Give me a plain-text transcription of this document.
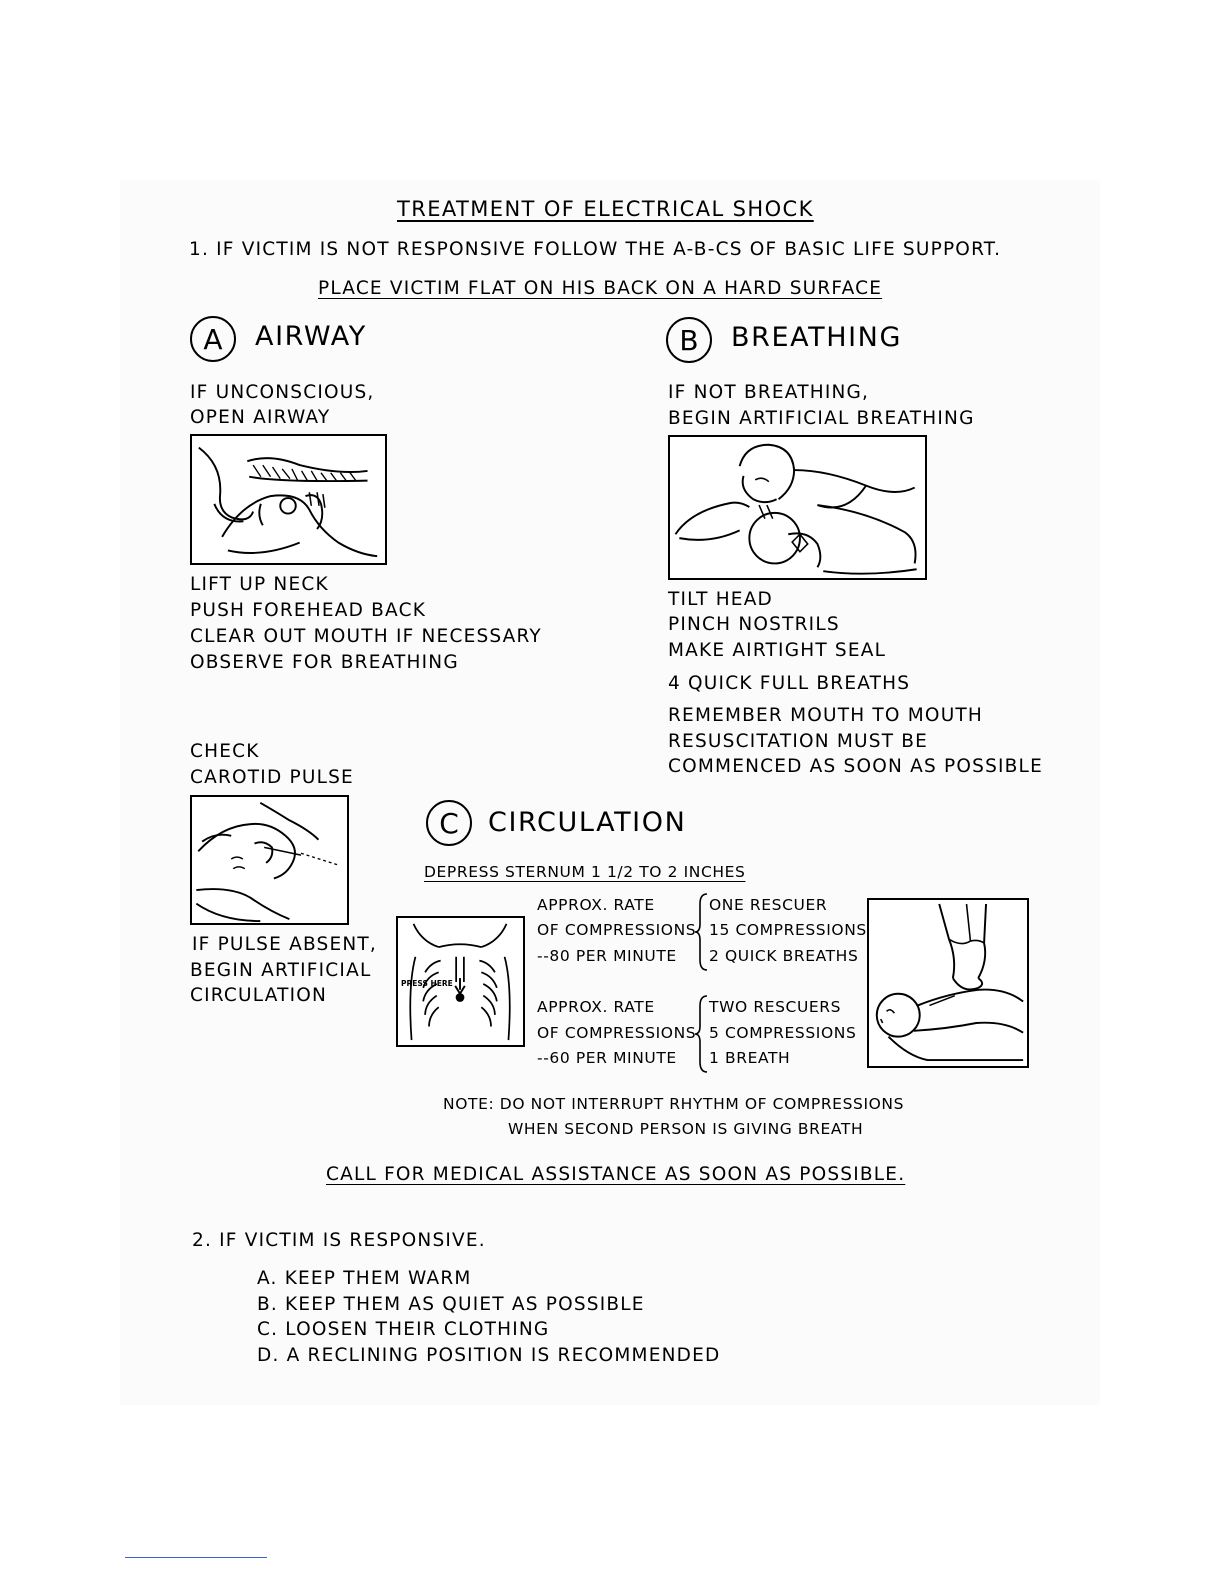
TREATMENT OF ELECTRICAL SHOCK

1. IF VICTIM IS NOT RESPONSIVE FOLLOW THE A-B-CS OF BASIC LIFE SUPPORT.

PLACE VICTIM FLAT ON HIS BACK ON A HARD SURFACE

A AIRWAY

IF UNCONSCIOUS,

OPEN AIRWAY

LIFT UP NECK

PUSH FOREHEAD BACK

CLEAR OUT MOUTH IF NECESSARY

OBSERVE FOR BREATHING

CHECK

CAROTID PULSE

IF PULSE ABSENT,

BEGIN ARTIFICIAL

CIRCULATION

B BREATHING

IF NOT BREATHING,

BEGIN ARTIFICIAL BREATHING

TILT HEAD

PINCH NOSTRILS

MAKE AIRTIGHT SEAL

4 QUICK FULL BREATHS

REMEMBER MOUTH TO MOUTH

RESUSCITATION MUST BE

COMMENCED AS SOON AS POSSIBLE

C CIRCULATION

DEPRESS STERNUM 1 1/2 TO 2 INCHES

PRESS HERE

APPROX. RATE

OF COMPRESSIONS

--80 PER MINUTE

ONE RESCUER

15 COMPRESSIONS

2 QUICK BREATHS

APPROX. RATE

OF COMPRESSIONS

--60 PER MINUTE

TWO RESCUERS

5 COMPRESSIONS

1 BREATH

NOTE: DO NOT INTERRUPT RHYTHM OF COMPRESSIONS

WHEN SECOND PERSON IS GIVING BREATH

CALL FOR MEDICAL ASSISTANCE AS SOON AS POSSIBLE.

2. IF VICTIM IS RESPONSIVE.

A. KEEP THEM WARM

B. KEEP THEM AS QUIET AS POSSIBLE

C. LOOSEN THEIR CLOTHING

D. A RECLINING POSITION IS RECOMMENDED
